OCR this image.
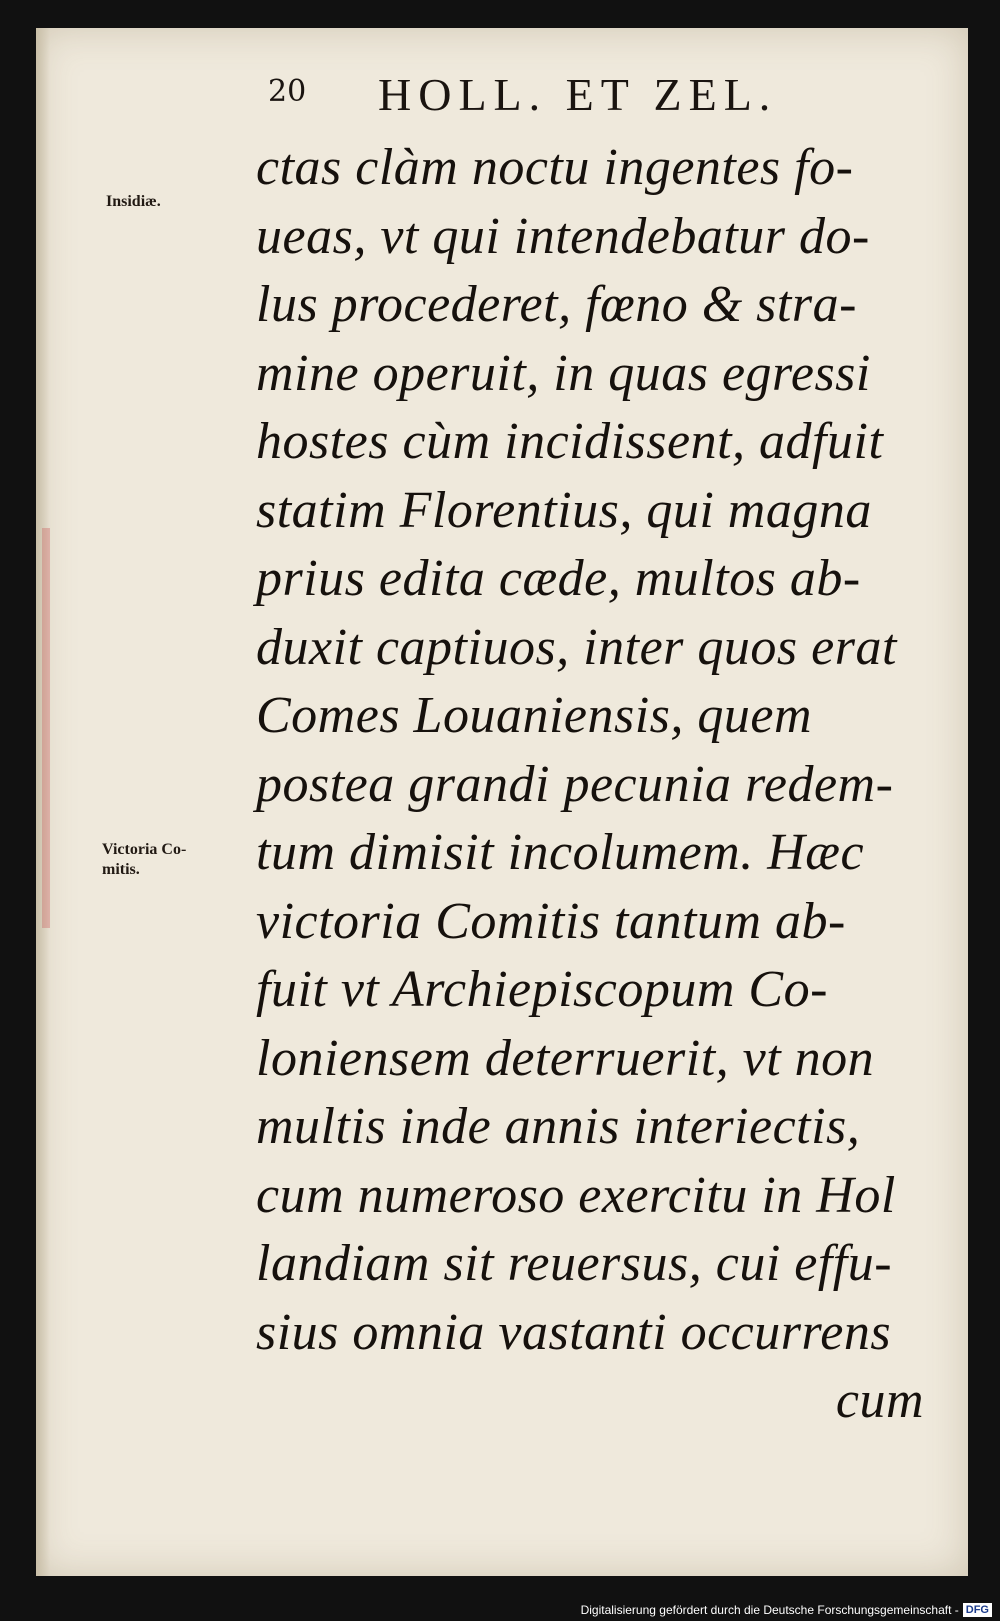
20 HOLL. ET ZEL.
Insidiæ.
Victoria Co-
mitis.
ctas clàm noctu ingentes fo-
ueas, vt qui intendebatur do-
lus procederet, fœno & stra-
mine operuit, in quas egressi
hostes cùm incidissent, adfuit
statim Florentius, qui magna
prius edita cæde, multos ab-
duxit captiuos, inter quos erat
Comes Louaniensis, quem
postea grandi pecunia redem-
tum dimisit incolumem. Hæc
victoria Comitis tantum ab-
fuit vt Archiepiscopum Co-
loniensem deterruerit, vt non
multis inde annis interiectis,
cum numeroso exercitu in Hol
landiam sit reuersus, cui effu-
sius omnia vastanti occurrens
cum
Digitalisierung gefördert durch die Deutsche Forschungsgemeinschaft - DFG
